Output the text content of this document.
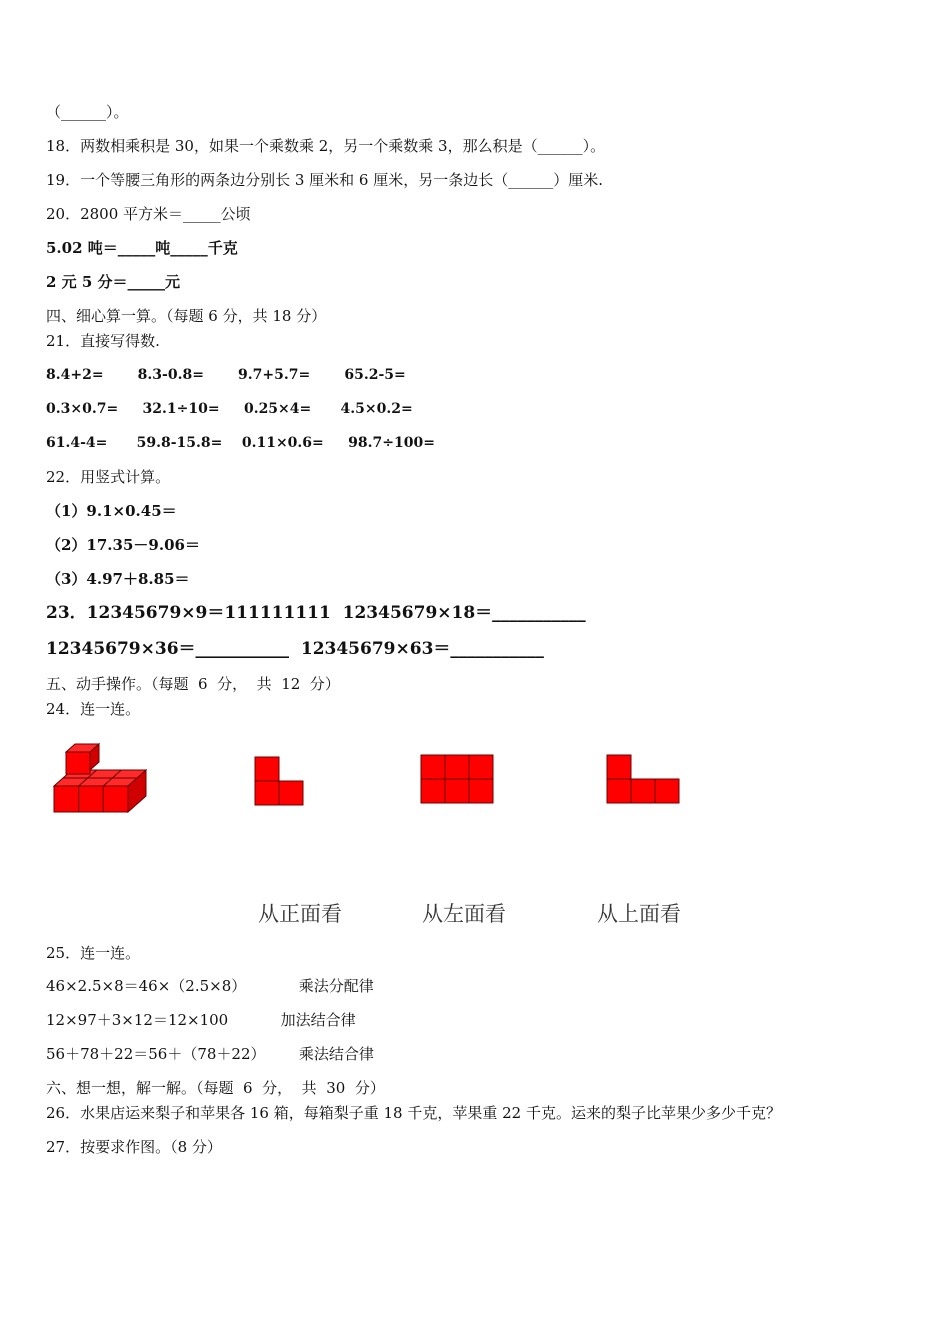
（______）。
18．两数相乘积是 30，如果一个乘数乘 2，另一个乘数乘 3，那么积是（______）。
19．一个等腰三角形的两条边分别长 3 厘米和 6 厘米，另一条边长（______）厘米.
20．2800 平方米＝_____公顷
5.02 吨＝_____吨_____千克
2 元 5 分＝_____元
四、细心算一算。（每题 6 分，共 18 分）
21．直接写得数.
8.4+2=       8.3-0.8=       9.7+5.7=       65.2-5=
0.3×0.7=     32.1÷10=     0.25×4=      4.5×0.2=
61.4-4=      59.8-15.8=    0.11×0.6=     98.7÷100=
22．用竖式计算。
（1）9.1×0.45＝
（2）17.35－9.06＝
（3）4.97＋8.85＝
23．12345679×9＝111111111  12345679×18＝___________
12345679×36＝___________  12345679×63＝___________
五、动手操作。（每题  6  分，  共  12  分）
24．连一连。
从正面看	从左面看	从上面看
25．连一连。
46×2.5×8＝46×（2.5×8）           乘法分配律
12×97＋3×12＝12×100           加法结合律
56＋78＋22＝56＋（78＋22）       乘法结合律
六、想一想，解一解。（每题  6  分，  共  30  分）
26．水果店运来梨子和苹果各 16 箱，每箱梨子重 18 千克，苹果重 22 千克。运来的梨子比苹果少多少千克？
27．按要求作图。（8 分）
